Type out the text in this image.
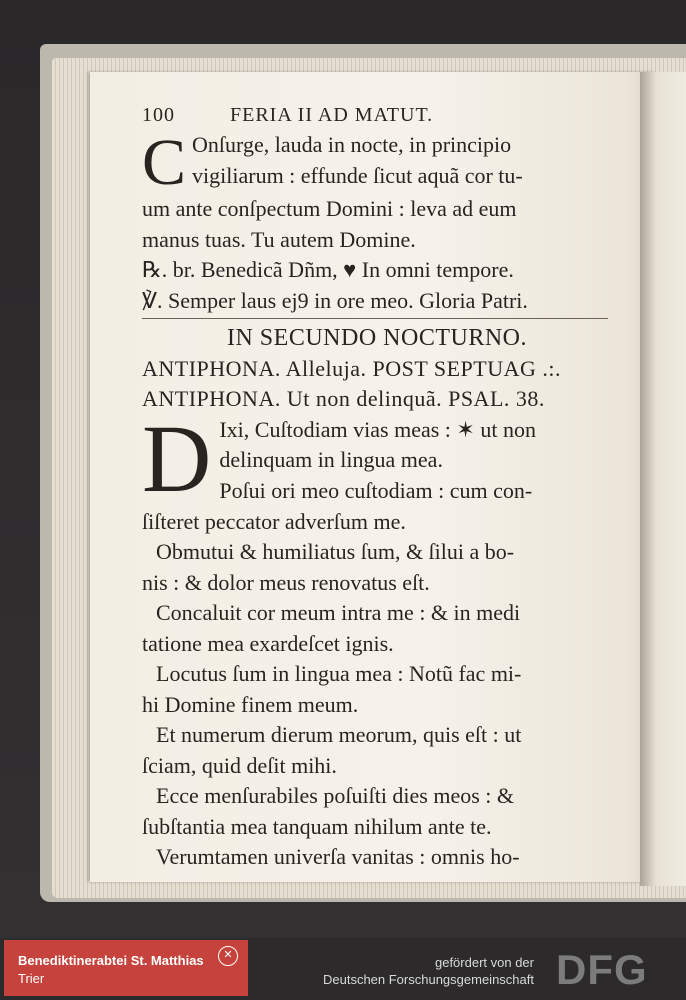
100	FERIA II AD MATUT.
C Onſurge, lauda in nocte, in principio
vigiliarum : effunde ſicut aquã cor tu-
um ante conſpectum Domini : leva ad eum
manus tuas. Tu autem Domine.
℞. br. Benedicã Dñm, ♥ In omni tempore.
℣. Semper laus ej9 in ore meo. Gloria Patri.
IN SECUNDO NOCTURNO.
ANTIPHONA. Alleluja. POST SEPTUAG .:.
ANTIPHONA. Ut non delinquã. PSAL. 38.
D Ixi, Cuſtodiam vias meas : ✶ ut non
delinquam in lingua mea.
Poſui ori meo cuſtodiam : cum con-
ſiſteret peccator adverſum me.
Obmutui & humiliatus ſum, & ſilui a bo-
nis : & dolor meus renovatus eſt.
Concaluit cor meum intra me : & in medi
tatione mea exardeſcet ignis.
Locutus ſum in lingua mea : Notũ fac mi-
hi Domine finem meum.
Et numerum dierum meorum, quis eſt : ut
ſciam, quid deſit mihi.
Ecce menſurabiles poſuiſti dies meos : &
ſubſtantia mea tanquam nihilum ante te.
Verumtamen univerſa vanitas : omnis ho-
Benediktinerabtei St. Matthias
Trier
✕	gefördert von der
Deutschen Forschungsgemeinschaft DFG
